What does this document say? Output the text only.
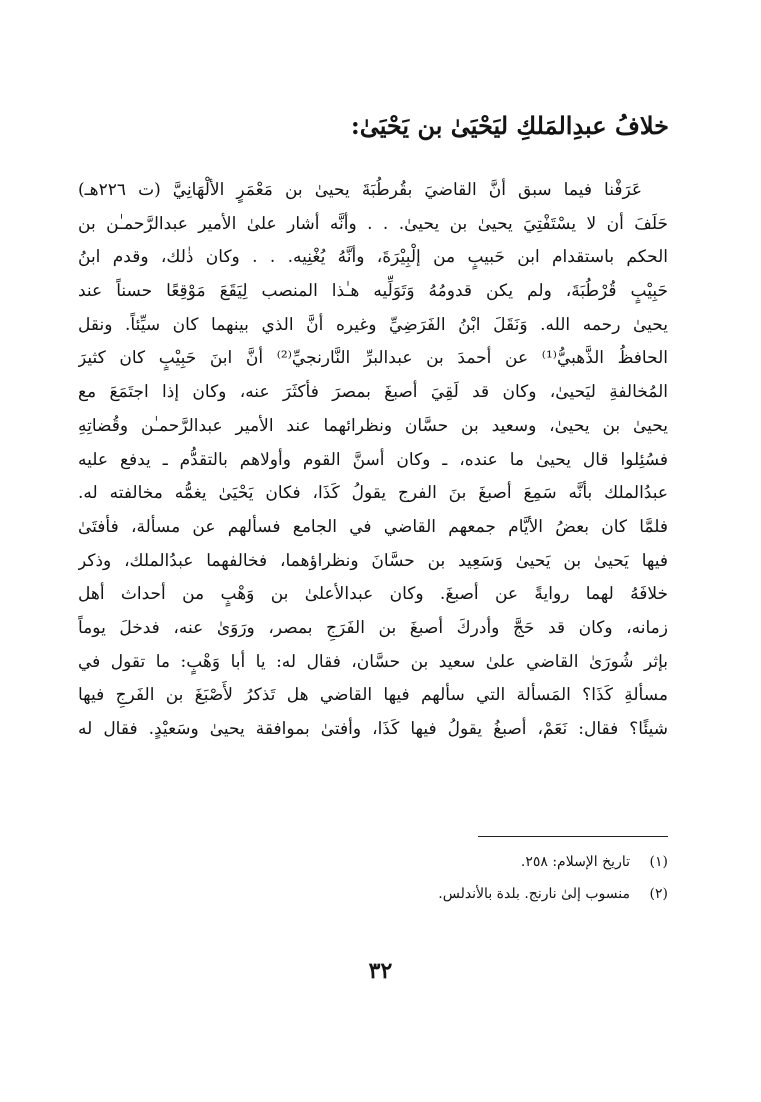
خلافُ عبدِالمَلكِ ليَحْيَىٰ بن يَحْيَىٰ:
عَرَفْنا فيما سبق أنَّ القاضيَ بقُرطُبَةَ يحيىٰ بن مَعْمَرٍ الألْهَانِيَّ (ت ٢٢٦هـ)
حَلَفَ أن لا يسْتَفْتِيَ يحيىٰ بن يحيىٰ. . . وأنَّه أشار علىٰ الأمير عبدالرَّحمـٰن بن
الحكم باستقدام ابن حَبيبٍ من إلْبِيْرَةَ، وأنَّهُ يُغْنِيه. . . وكان ذٰلك، وقدم ابنُ
حَبِيْبٍ قُرْطُبَةَ، ولم يكن قدومُهُ وَتَوَلِّيه هـٰذا المنصب لِيَقَعَ مَوْقِعًا حسناً عند
يحيىٰ رحمه الله. وَنَقَلَ ابْنُ الفَرَضِيِّ وغيره أنَّ الذي بينهما كان سيِّئاً. ونقل
الحافظُ الذَّهبيُّ⁽¹⁾ عن أحمدَ بن عبدالبرِّ النَّارنجيِّ⁽²⁾ أنَّ ابنَ حَبِيْبٍ كان كثيرَ
المُخالفةِ ليَحيىٰ، وكان قد لَقِيَ أصبغَ بمصرَ فأكثَرَ عنه، وكان إذا اجتَمَعَ مع
يحيىٰ بن يحيىٰ، وسعيد بن حسَّان ونظرائهما عند الأمير عبدالرَّحمـٰن وقُضاتِهِ
فسُئِلوا قال يحيىٰ ما عنده، ـ وكان أسنَّ القوم وأولاهم بالتقدُّم ـ يدفع عليه
عبدُالملك بأنَّه سَمِعَ أصبغَ بنَ الفرج يقولُ كَذَا، فكان يَحْيَىٰ يغمُّه مخالفته له.
فلمَّا كان بعضُ الأيَّام جمعهم القاضي في الجامع فسألهم عن مسألة، فأفتَىٰ
فيها يَحيىٰ بن يَحيىٰ وَسَعِيد بن حسَّانَ ونظراؤهما، فخالفهما عبدُالملك، وذكر
خلافَهُ لهما روايةً عن أصبغَ. وكان عبدالأعلىٰ بن وَهْبٍ من أحداث أهل
زمانه، وكان قد حَجَّ وأدركَ أصبغَ بن الفَرَجِ بمصر، ورَوَىٰ عنه، فدخلَ يوماً
بإثر شُورَىٰ القاضي علىٰ سعيد بن حسَّان، فقال له: يا أبا وَهْبٍ: ما تقول في
مسألةِ كَذَا؟ المَسألة التي سألهم فيها القاضي هل تَذكرُ لأَصْبَغَ بن الفَرجِ فيها
شيئًا؟ فقال: نَعَمْ، أصبغُ يقولُ فيها كَذَا، وأفتىٰ بموافقة يحيىٰ وسَعيْدٍ. فقال له
(١)تاريخ الإسلام: ٢٥٨.
(٢)منسوب إلىٰ نارنج. بلدة بالأندلس.
٣٢
